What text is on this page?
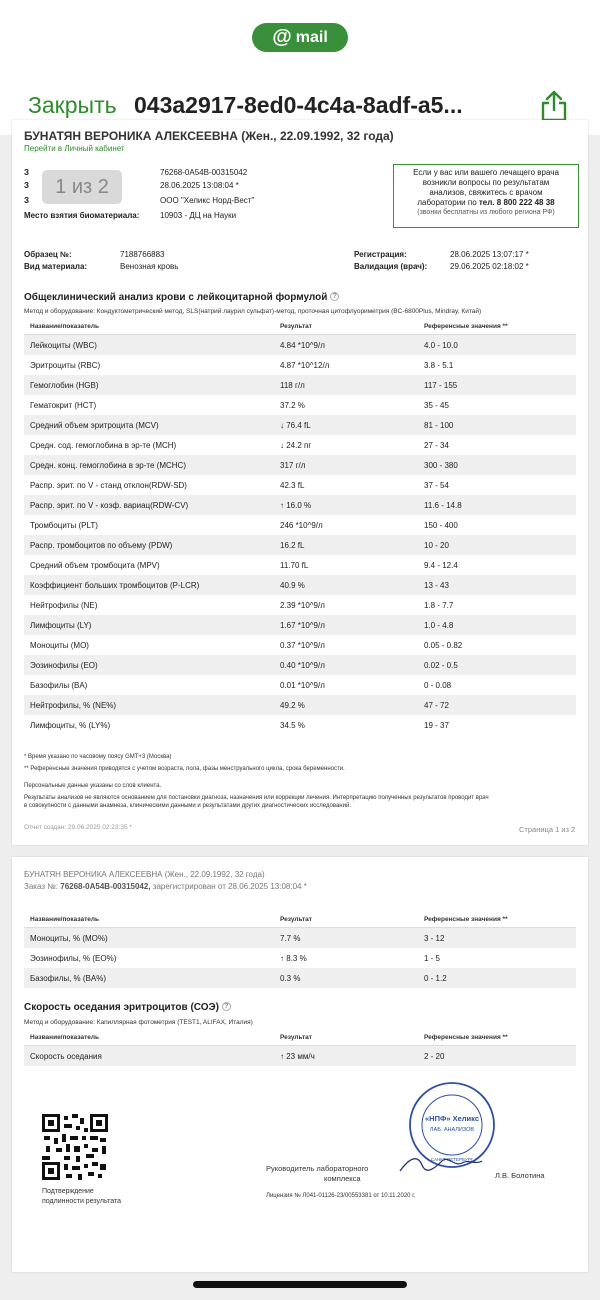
@ mail
Закрыть 043a2917-8ed0-4c4a-8adf-a5...
БУНАТЯН ВЕРОНИКА АЛЕКСЕЕВНА (Жен., 22.09.1992, 32 года)
Перейти в Личный кабинет
З	76268-0A54B-00315042
З	28.06.2025 13:08:04 *
З	ООО "Хеликс Норд-Вест"
Место взятия биоматериала:	10903 - ДЦ на Науки
1 из 2
Если у вас или вашего лечащего врача
возникли вопросы по результатам
анализов, свяжитесь с врачом
лаборатории по тел. 8 800 222 48 38
(звонки бесплатны из любого региона РФ)
Образец №:	7188766883
Вид материала:	Венозная кровь
Регистрация:	28.06.2025 13:07:17 *
Валидация (врач):	29.06.2025 02:18:02 *
Общеклинический анализ крови с лейкоцитарной формулой ?
Метод и оборудование: Кондуктометрический метод, SLS(натрий лаурил сульфат)-метод, проточная цитофлуориметрия (BC-6800Plus, Mindray, Китай)
Название/показатель	Результат	Референсные значения **
Лейкоциты (WBC)	4.84 *10^9/л	4.0 - 10.0
Эритроциты (RBC)	4.87 *10^12/л	3.8 - 5.1
Гемоглобин (HGB)	118 г/л	117 - 155
Гематокрит (HCT)	37.2 %	35 - 45
Средний объем эритроцита (MCV)	↓ 76.4 fL	81 - 100
Средн. сод. гемоглобина в эр-те (MCH)	↓ 24.2 пг	27 - 34
Средн. конц. гемоглобина в эр-те (MCHC)	317 г/л	300 - 380
Распр. эрит. по V - станд отклон(RDW-SD)	42.3 fL	37 - 54
Распр. эрит. по V - коэф. вариац(RDW-CV)	↑ 16.0 %	11.6 - 14.8
Тромбоциты (PLT)	246 *10^9/л	150 - 400
Распр. тромбоцитов по объему (PDW)	16.2 fL	10 - 20
Средний объем тромбоцита (MPV)	11.70 fL	9.4 - 12.4
Коэффициент больших тромбоцитов (P-LCR)	40.9 %	13 - 43
Нейтрофилы (NE)	2.39 *10^9/л	1.8 - 7.7
Лимфоциты (LY)	1.67 *10^9/л	1.0 - 4.8
Моноциты (MO)	0.37 *10^9/л	0.05 - 0.82
Эозинофилы (EO)	0.40 *10^9/л	0.02 - 0.5
Базофилы (BA)	0.01 *10^9/л	0 - 0.08
Нейтрофилы, % (NE%)	49.2 %	47 - 72
Лимфоциты, % (LY%)	34.5 %	19 - 37
* Время указано по часовому поясу GMT+3 (Москва)
** Референсные значения приводятся с учетом возраста, пола, фазы менструального цикла, срока беременности.
Персональные данные указаны со слов клиента.
Результаты анализов не являются основанием для постановки диагноза, назначения или коррекции лечения. Интерпретацию полученных результатов проводит врач
в совокупности с данными анамнеза, клиническими данными и результатами других диагностических исследований.
Отчет создан: 29.06.2025 02:23:35 *	Страница 1 из 2
БУНАТЯН ВЕРОНИКА АЛЕКСЕЕВНА (Жен., 22.09.1992, 32 года)
Заказ №: 76268-0A54B-00315042, зарегистрирован от 28.06.2025 13:08:04 *
Название/показатель	Результат	Референсные значения **
Моноциты, % (MO%)	7.7 %	3 - 12
Эозинофилы, % (EO%)	↑ 8.3 %	1 - 5
Базофилы, % (BA%)	0.3 %	0 - 1.2
Скорость оседания эритроцитов (СОЭ) ?
Метод и оборудование: Капиллярная фотометрия (TEST1, ALIFAX, Италия)
Название/показатель	Результат	Референсные значения **
Скорость оседания	↑ 23 мм/ч	2 - 20
Подтверждение
подлинности результата
«НПФ» Хеликс
ЛАБ. АНАЛИЗОВ
САНКТ-ПЕТЕРБУРГ
Руководитель лабораторного
комплекса	Л.В. Болотина
Лицензия № Л041-01126-23/00553381 от 10.11.2020 г.
